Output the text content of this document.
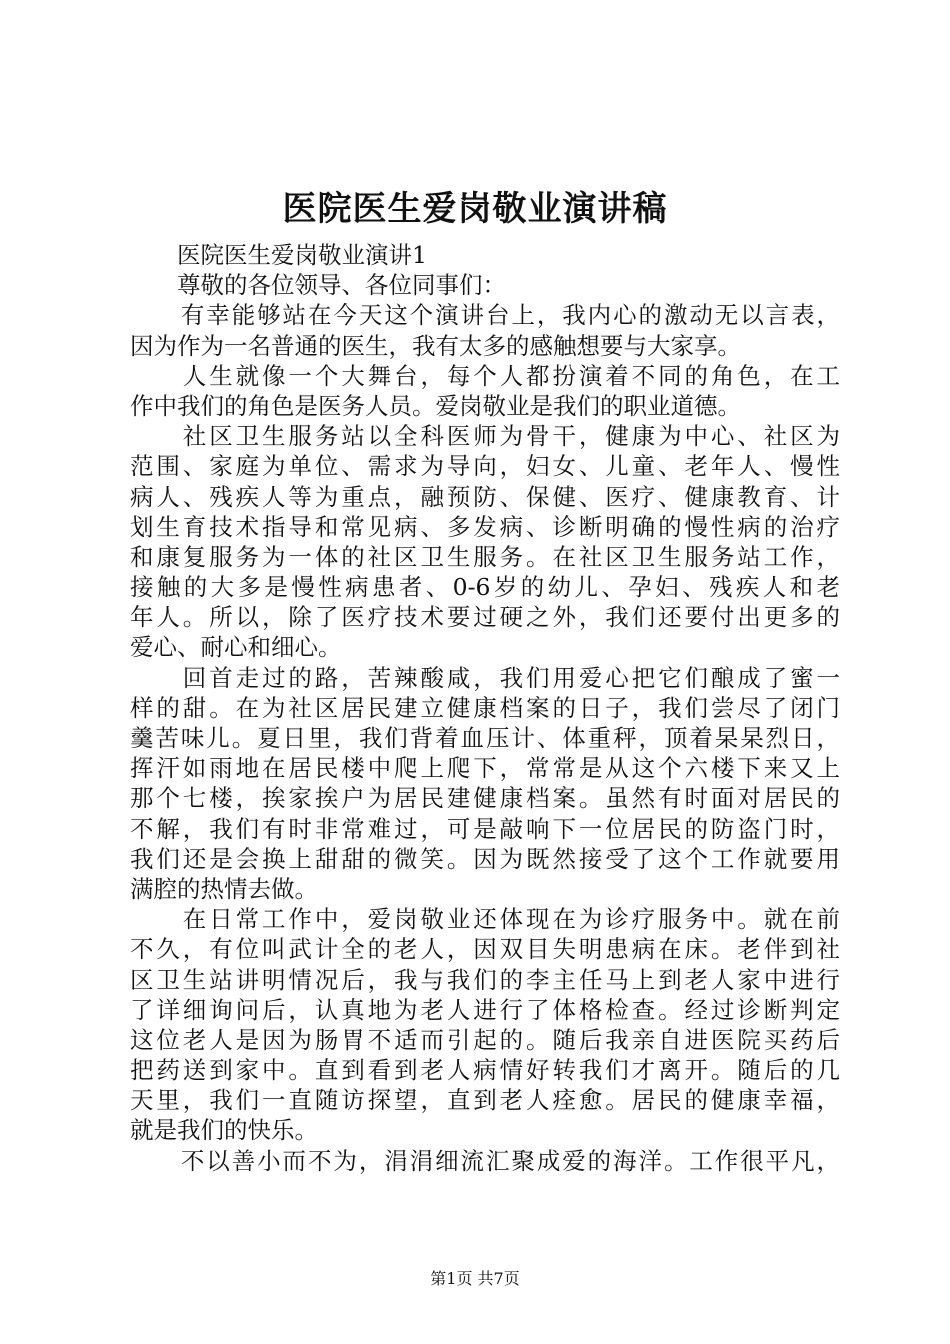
医院医生爱岗敬业演讲稿
　　医院医生爱岗敬业演讲1
　　尊敬的各位领导、各位同事们：
　　有幸能够站在今天这个演讲台上，我内心的激动无以言表，
因为作为一名普通的医生，我有太多的感触想要与大家享。
　　人生就像一个大舞台，每个人都扮演着不同的角色，在工
作中我们的角色是医务人员。爱岗敬业是我们的职业道德。
　　社区卫生服务站以全科医师为骨干，健康为中心、社区为
范围、家庭为单位、需求为导向，妇女、儿童、老年人、慢性
病人、残疾人等为重点，融预防、保健、医疗、健康教育、计
划生育技术指导和常见病、多发病、诊断明确的慢性病的治疗
和康复服务为一体的社区卫生服务。在社区卫生服务站工作，
接触的大多是慢性病患者、0-6岁的幼儿、孕妇、残疾人和老
年人。所以，除了医疗技术要过硬之外，我们还要付出更多的
爱心、耐心和细心。
　　回首走过的路，苦辣酸咸，我们用爱心把它们酿成了蜜一
样的甜。在为社区居民建立健康档案的日子，我们尝尽了闭门
羹苦味儿。夏日里，我们背着血压计、体重秤，顶着杲杲烈日，
挥汗如雨地在居民楼中爬上爬下，常常是从这个六楼下来又上
那个七楼，挨家挨户为居民建健康档案。虽然有时面对居民的
不解，我们有时非常难过，可是敲响下一位居民的防盗门时，
我们还是会换上甜甜的微笑。因为既然接受了这个工作就要用
满腔的热情去做。
　　在日常工作中，爱岗敬业还体现在为诊疗服务中。就在前
不久，有位叫武计全的老人，因双目失明患病在床。老伴到社
区卫生站讲明情况后，我与我们的李主任马上到老人家中进行
了详细询问后，认真地为老人进行了体格检查。经过诊断判定
这位老人是因为肠胃不适而引起的。随后我亲自进医院买药后
把药送到家中。直到看到老人病情好转我们才离开。随后的几
天里，我们一直随访探望，直到老人痊愈。居民的健康幸福，
就是我们的快乐。
　　不以善小而不为，涓涓细流汇聚成爱的海洋。工作很平凡，
第1页 共7页
